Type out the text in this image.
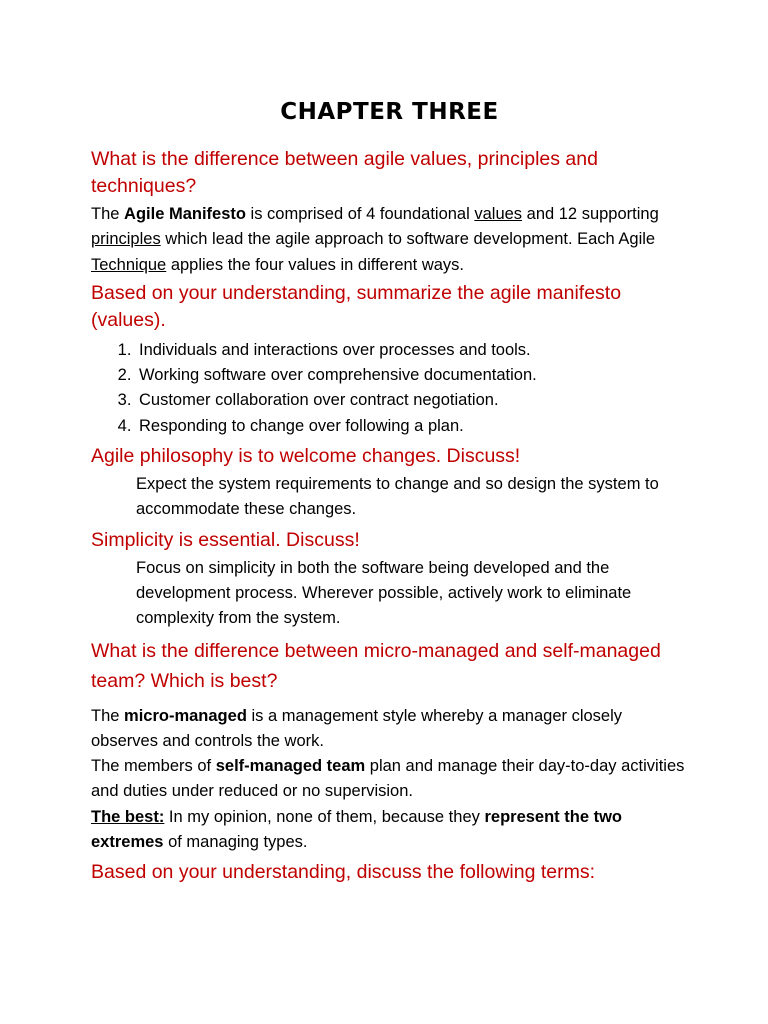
CHAPTER THREE
What is the difference between agile values, principles and techniques?

The Agile Manifesto is comprised of 4 foundational values and 12 supporting principles which lead the agile approach to software development. Each Agile Technique applies the four values in different ways.

Based on your understanding, summarize the agile manifesto (values).
1. Individuals and interactions over processes and tools.
2. Working software over comprehensive documentation.
3. Customer collaboration over contract negotiation.
4. Responding to change over following a plan.
Agile philosophy is to welcome changes. Discuss!
Expect the system requirements to change and so design the system to accommodate these changes.
Simplicity is essential. Discuss!
Focus on simplicity in both the software being developed and the development process. Wherever possible, actively work to eliminate complexity from the system.
What is the difference between micro-managed and self-managed team? Which is best?

The micro-managed is a management style whereby a manager closely observes and controls the work.

The members of self-managed team plan and manage their day-to-day activities and duties under reduced or no supervision.

The best: In my opinion, none of them, because they represent the two extremes of managing types.

Based on your understanding, discuss the following terms:
